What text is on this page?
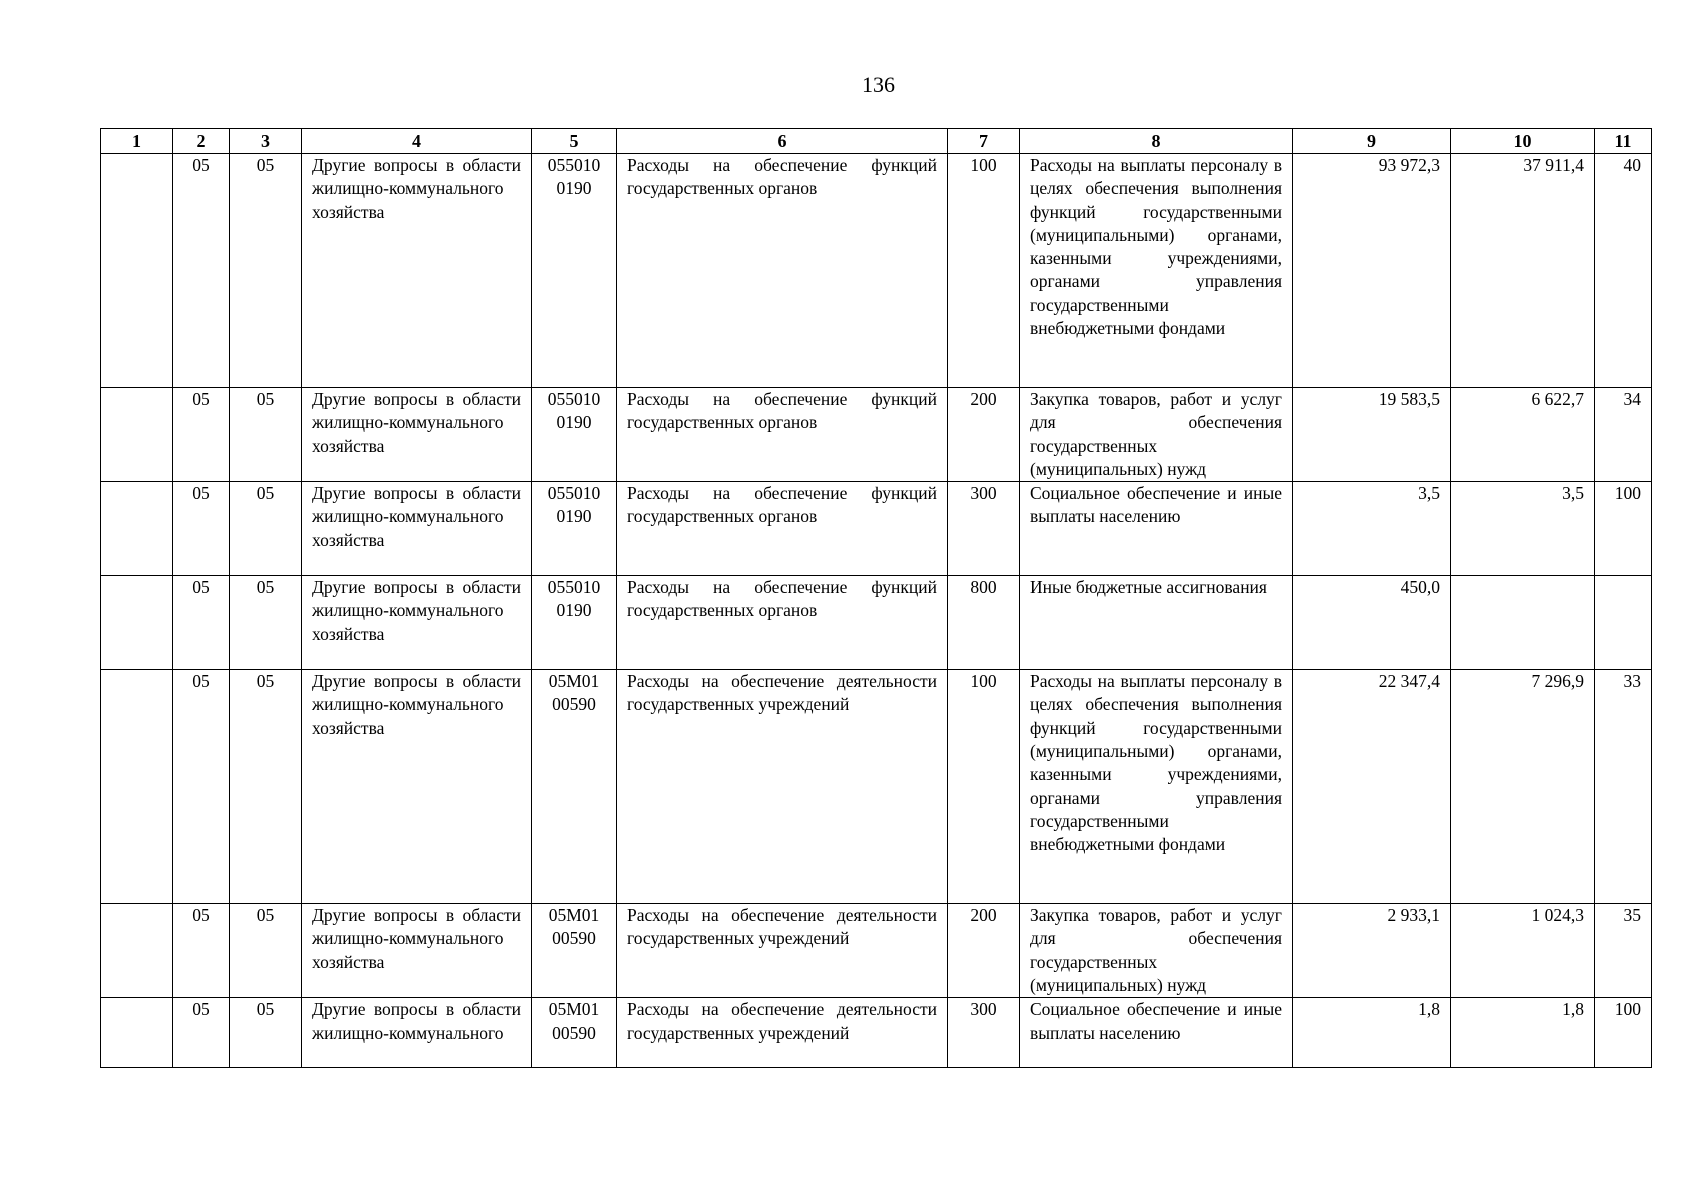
136
1	2	3	4	5	6	7	8	9	10	11
	05	05	Другие вопросы в области жилищно-коммунального хозяйства	055010 0190	Расходы на обеспечение функций государственных органов	100	Расходы на выплаты персоналу в целях обеспечения выполнения функций государственными (муниципальными) органами, казенными учреждениями, органами управления государственными внебюджетными фондами	93 972,3	37 911,4	40
	05	05	Другие вопросы в области жилищно-коммунального хозяйства	055010 0190	Расходы на обеспечение функций государственных органов	200	Закупка товаров, работ и услуг для обеспечения государственных (муниципальных) нужд	19 583,5	6 622,7	34
	05	05	Другие вопросы в области жилищно-коммунального хозяйства	055010 0190	Расходы на обеспечение функций государственных органов	300	Социальное обеспечение и иные выплаты населению	3,5	3,5	100
	05	05	Другие вопросы в области жилищно-коммунального хозяйства	055010 0190	Расходы на обеспечение функций государственных органов	800	Иные бюджетные ассигнования	450,0		
	05	05	Другие вопросы в области жилищно-коммунального хозяйства	05М01 00590	Расходы на обеспечение деятельности государственных учреждений	100	Расходы на выплаты персоналу в целях обеспечения выполнения функций государственными (муниципальными) органами, казенными учреждениями, органами управления государственными внебюджетными фондами	22 347,4	7 296,9	33
	05	05	Другие вопросы в области жилищно-коммунального хозяйства	05М01 00590	Расходы на обеспечение деятельности государственных учреждений	200	Закупка товаров, работ и услуг для обеспечения государственных (муниципальных) нужд	2 933,1	1 024,3	35
	05	05	Другие вопросы в области жилищно-коммунального	05М01 00590	Расходы на обеспечение деятельности государственных учреждений	300	Социальное обеспечение и иные выплаты населению	1,8	1,8	100
